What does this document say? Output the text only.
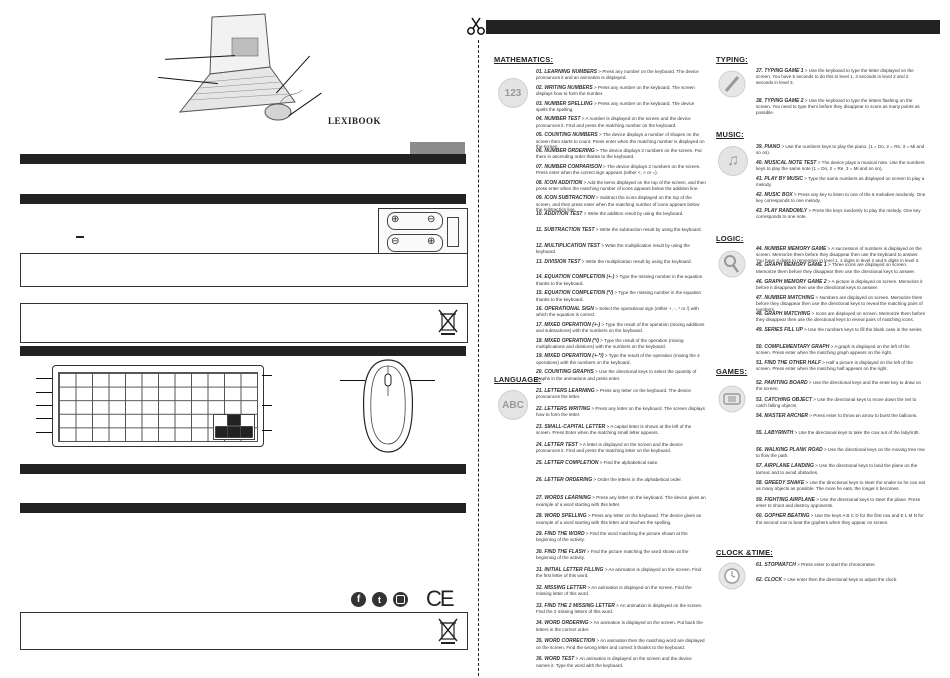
LEXIBOOK
⊕	⊖
⊖	⊕
f	t CE
MATHEMATICS:
123
01. LEARNING NUMBERS > Press any number on the keyboard. The device pronounces it and an animation is displayed.
02. WRITING NUMBERS > Press any number on the keyboard. The screen displays how to form the number.
03. NUMBER SPELLING > Press any number on the keyboard. The device spells the spelling.
04. NUMBER TEST > A number is displayed on the screen and the device pronounces it. Find and press the matching number on the keyboard.
05. COUNTING NUMBERS > The device displays a number of shapes on the screen then starts to count. Press enter when the matching number is displayed on the screen.
06. NUMBER ORDERING > The device displays 2 numbers on the screen. Put them in ascending order thanks to the keyboard.
07. NUMBER COMPARISON > The device displays 2 numbers on the screen. Press enter when the correct sign appears (either <, > or =).
08. ICON ADDITION > Add the items displayed on the top of the screen, and then press enter when the matching number of icons appears below the addition line.
09. ICON SUBTRACTION > Subtract the icons displayed on the top of the screen, and then press enter when the matching number of icons appears below the subtraction line.
10. ADDITION TEST > Write the addition result by using the keyboard.
11. SUBTRACTION TEST > Write the subtraction result by using the keyboard.
12. MULTIPLICATION TEST > Write the multiplication result by using the keyboard.
13. DIVISION TEST > Write the multiplication result by using the keyboard.
14. EQUATION COMPLETION (+-) > Type the missing number in the equation thanks to the keyboard.
15. EQUATION COMPLETION (*/) > Type the missing number in the equation thanks to the keyboard.
16. OPERATIONAL SIGN > Select the operational sign (either +, -, * or /) with which the equation is correct.
17. MIXED OPERATION (+-) > Type the result of the operation (mixing additions and subtractions) with the numbers on the keyboard.
18. MIXED OPERATION (*/) > Type the result of the operation (mixing multiplications and divisions) with the numbers on the keyboard.
19. MIXED OPERATION (+-*/) > Type the result of the operation (mixing the 4 operations) with the numbers on the keyboard.
20. COUNTING GRAPHS > Use the directional keys to select the quantity of graphs in the animations and press enter.
LANGUAGE:
ABC
21. LETTERS LEARNING > Press any letter on the keyboard. The device pronounces the letter.
22. LETTERS WRITING > Press any letter on the keyboard. The screen displays how to form the letter.
23. SMALL-CAPITAL LETTER > A capital letter is shown at the left of the screen. Press Enter when the matching small letter appears.
24. LETTER TEST > A letter is displayed on the screen and the device pronounces it. Find and press the matching letter on the keyboard.
25. LETTER COMPLETION > Find the alphabetical suite.
26. LETTER ORDERING > Order the letters in the alphabetical order.
27. WORDS LEARNING > Press any letter on the keyboard. The device gives an example of a word starting with this letter.
28. WORD SPELLING > Press any letter on the keyboard. The device gives an example of a word starting with this letter and teaches the spelling.
29. FIND THE WORD > Find the word matching the picture shown at the beginning of the activity.
30. FIND THE FLASH > Find the picture matching the word shown at the beginning of the activity.
31. INITIAL LETTER FILLING > An animation is displayed on the screen. Find the first letter of this word.
32. MISSING LETTER > An animation is displayed on the screen. Find the missing letter of this word.
33. FIND THE 2 MISSING LETTER > An animation is displayed on the screen. Find the 2 missing letters of this word.
34. WORD ORDERING > An animation is displayed on the screen. Put back the letters in the correct order.
35. WORD CORRECTION > An animation then the matching word are displayed on the screen. Find the wrong letter and correct it thanks to the keyboard.
36. WORD TEST > An animation is displayed on the screen and the device names it. Type the word with the keyboard.
TYPING:
37. TYPING GAME 1 > Use the keyboard to type the letter displayed on the screen. You have 5 seconds to do this in level 1, 3 seconds in level 2 and 2 seconds in level 3.
38. TYPING GAME 2 > Use the keyboard to type the letters flashing on the screen. You need to type them before they disappear to score as many points as possible.
MUSIC:
♫
39. PIANO > Use the numbers keys to play the piano. (1 = Do, 2 = Re, 3 = Mi and so on).
40. MUSICAL NOTE TEST > The device plays a musical note. Use the numbers keys to play the same note (1 = Do, 2 = Re, 3 = Mi and so on).
41. PLAY BY MUSIC > Type the same numbers as displayed on screen to play a melody.
42. MUSIC BOX > Press any key to listen to one of the 6 melodies randomly. One key corresponds to one melody.
43. PLAY RANDOMLY > Press the keys randomly to play the melody. One key corresponds to one note.
LOGIC:
44. NUMBER MEMORY GAME > A succession of numbers is displayed on the screen. Memorize them before they disappear then use the keyboard to answer. You have 3 digits to remember in level 1, 4 digits in level 2 and 5 digits in level 3.
45. GRAPH MEMORY GAME 1 > Three icons are displayed on screen. Memorize them before they disappear then use the directional keys to answer.
46. GRAPH MEMORY GAME 2 > A picture is displayed on screen. Memorize it before it disappears then use the directional keys to answer.
47. NUMBER MATCHING > Numbers are displayed on screen. Memorize them before they disappear then use the directional keys to reveal the matching pairs of numbers.
48. GRAPH MATCHING > Icons are displayed on screen. Memorize them before they disappear then use the directional keys to reveal pairs of matching icons.
49. SERIES FILL UP > Use the numbers keys to fill the blank case in the series.
50. COMPLEMENTARY GRAPH > A graph is displayed on the left of the screen. Press enter when the matching graph appears on the right.
51. FIND THE OTHER HALF > Half a picture is displayed on the left of the screen. Press enter when the matching half appears on the right.
GAMES:
52. PAINTING BOARD > Use the directional keys and the enter key to draw on the screen.
53. CATCHING OBJECT > Use the directional keys to move down the net to catch falling objects.
54. MASTER ARCHER > Press enter to throw an arrow to burst the balloons.
55. LABYRINTH > Use the directional keys to take the cow out of the labyrinth.
56. WALKING PLANK ROAD > Use the directional keys on the moving tree row to flow the path.
57. AIRPLANE LANDING > Use the directional keys to land the plane on the tarmac and to avoid obstacles.
58. GREEDY SNAKE > Use the directional keys to steer the snake so he can eat as many objects as possible. The more he eats, the longer it becomes.
59. FIGHTING AIRPLANE > Use the directional keys to steer the plane. Press enter to shoot and destroy opponents.
60. GOPHER BEATING > Use the keys A B C D for the first row and E L M N for the second row to beat the gophers when they appear on screen.
CLOCK &TIME:
61. STOPWATCH > Press enter to start the chronometer.
62. CLOCK > Use enter then the directional keys to adjust the clock.
